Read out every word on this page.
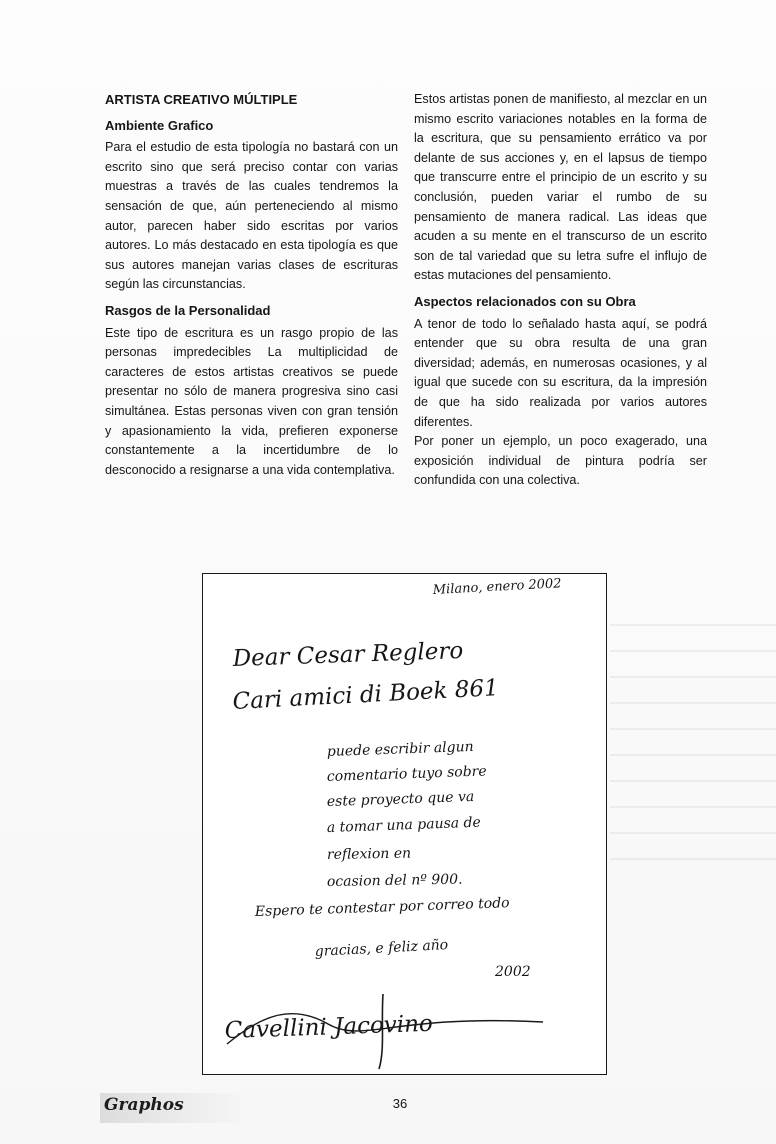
ARTISTA CREATIVO MÚLTIPLE
Ambiente Grafico

Para el estudio de esta tipología no bastará con un escrito sino que será preciso contar con varias muestras a través de las cuales tendremos la sensación de que, aún perteneciendo al mismo autor, parecen haber sido escritas por varios autores. Lo más destacado en esta tipología es que sus autores manejan varias clases de escrituras según las circunstancias.

Rasgos de la Personalidad

Este tipo de escritura es un rasgo propio de las personas impredecibles La multiplicidad de caracteres de estos artistas creativos se puede presentar no sólo de manera progresiva sino casi simultánea. Estas personas viven con gran tensión y apasionamiento la vida, prefieren exponerse constantemente a la incertidumbre de lo desconocido a resignarse a una vida contemplativa.

Estos artistas ponen de manifiesto, al mezclar en un mismo escrito variaciones notables en la forma de la escritura, que su pensamiento errático va por delante de sus acciones y, en el lapsus de tiempo que transcurre entre el principio de un escrito y su conclusión, pueden variar el rumbo de su pensamiento de manera radical. Las ideas que acuden a su mente en el transcurso de un escrito son de tal variedad que su letra sufre el influjo de estas mutaciones del pensamiento.

Aspectos relacionados con su Obra

A tenor de todo lo señalado hasta aquí, se podrá entender que su obra resulta de una gran diversidad; además, en numerosas ocasiones, y al igual que sucede con su escritura, da la impresión de que ha sido realizada por varios autores diferentes.

Por poner un ejemplo, un poco exagerado, una exposición individual de pintura podría ser confundida con una colectiva.

Milano, enero 2002
Dear Cesar Reglero
Cari amici di Boek 861
puede escribir algun
comentario tuyo sobre
este proyecto que va
a tomar una pausa de
reflexion en
ocasion del nº 900.
Espero te contestar por correo todo
gracias, e feliz año
2002
Cavellini Jacovino
Graphos	36
